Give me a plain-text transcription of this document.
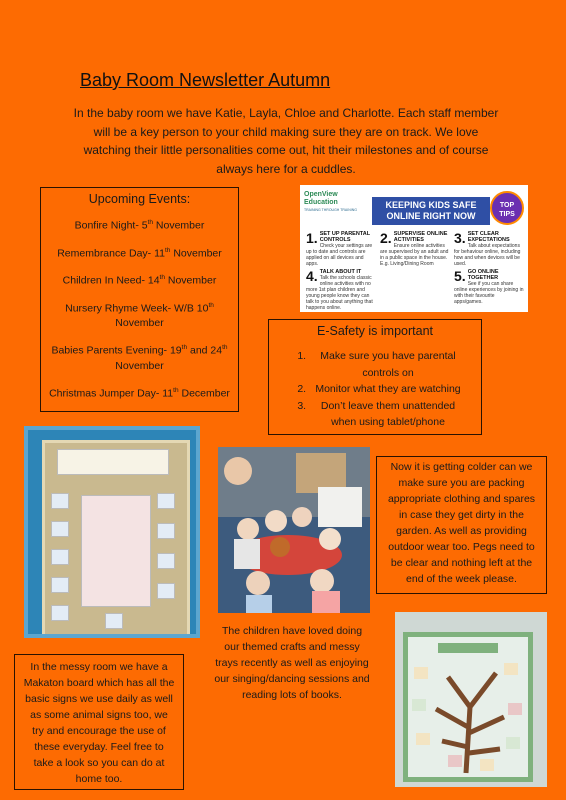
Baby Room Newsletter Autumn
In the baby room we have Katie, Layla, Chloe and Charlotte. Each staff member will be a key person to your child making sure they are on track. We love watching their little personalities come out, hit their milestones and of course always here for a cuddles.
Upcoming Events:
Bonfire Night- 5th November
Remembrance Day- 11th November
Children In Need- 14th November
Nursery Rhyme Week- W/B 10th November
Babies Parents Evening- 19th and 24th November
Christmas Jumper Day- 11th December
OpenView
Education
TRAINING THROUGH TRAINING	KEEPING KIDS SAFE ONLINE RIGHT NOW
TOP TIPS
1. SET UP PARENTAL CONTROLS
Check your settings are up to date and controls are applied on all devices and apps.
2. SUPERVISE ONLINE ACTIVITIES
Ensure online activities are supervised by an adult and in a public space in the house. E.g. Living/Dining Room
3. SET CLEAR EXPECTATIONS
Talk about expectations for behaviour online, including how and when devices will be used.
4. TALK ABOUT IT
Talk the schools classic online activities with no more 1st plan children and young people know they can talk to you about anything that happens online.
5. GO ONLINE TOGETHER
See if you can share online experiences by joining in with their favourite apps/games.
E-Safety is important
1. Make sure you have parental controls on
2. Monitor what they are watching
3. Don’t leave them unattended when using tablet/phone
Now it is getting colder can we make sure you are packing appropriate clothing and spares in case they get dirty in the garden. As well as providing outdoor wear too. Pegs need to be clear and nothing left at the end of the week please.
The children have loved doing our themed crafts and messy trays recently as well as enjoying our singing/dancing sessions and reading lots of books.
In the messy room we have a Makaton board which has all the basic signs we use daily as well as some animal signs too, we try and encourage the use of these everyday. Feel free to take a look so you can do at home too.
